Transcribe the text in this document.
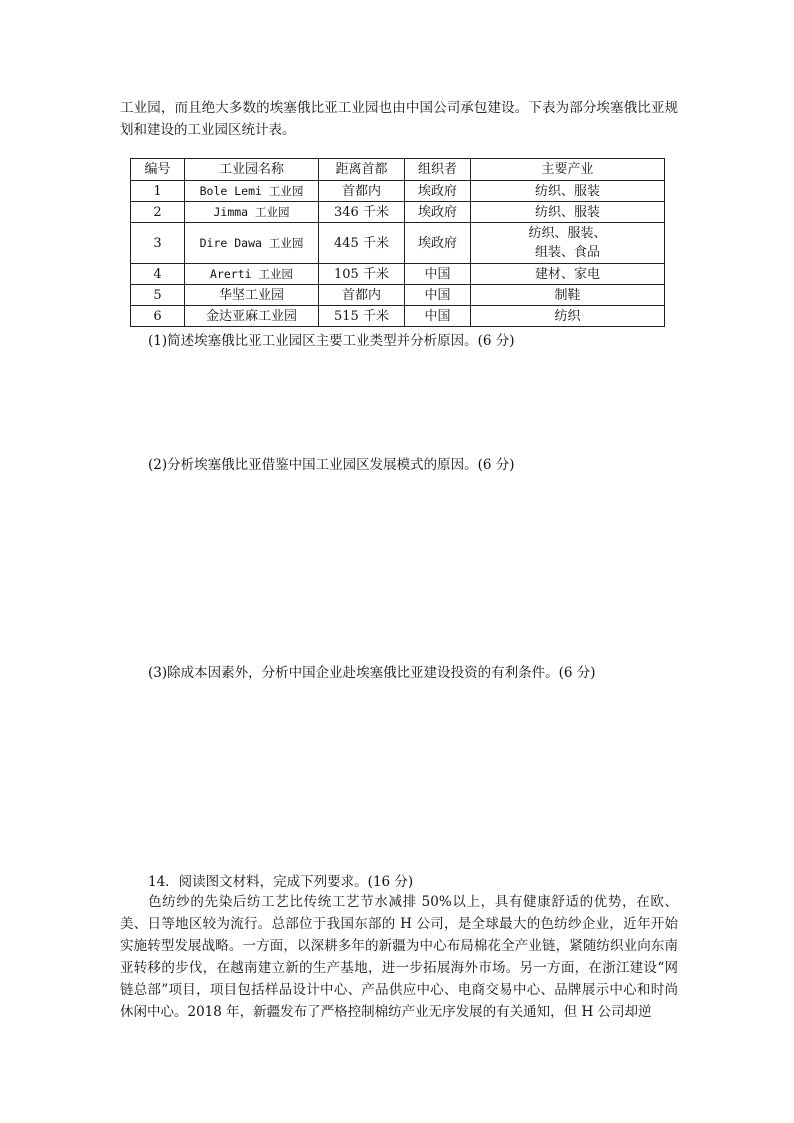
工业园，而且绝大多数的埃塞俄比亚工业园也由中国公司承包建设。下表为部分埃塞俄比亚规划和建设的工业园区统计表。

编号	工业园名称	距离首都	组织者	主要产业
1	Bole Lemi 工业园	首都内	埃政府	纺织、服装
2	Jimma 工业园	346 千米	埃政府	纺织、服装
3	Dire Dawa 工业园	445 千米	埃政府	纺织、服装、
组装、食品
4	Arerti 工业园	105 千米	中国	建材、家电
5	华坚工业园	首都内	中国	制鞋
6	金达亚麻工业园	515 千米	中国	纺织

(1)简述埃塞俄比亚工业园区主要工业类型并分析原因。(6 分)

(2)分析埃塞俄比亚借鉴中国工业园区发展模式的原因。(6 分)

(3)除成本因素外，分析中国企业赴埃塞俄比亚建设投资的有利条件。(6 分)

14．阅读图文材料，完成下列要求。(16 分)

色纺纱的先染后纺工艺比传统工艺节水减排 50%以上，具有健康舒适的优势，在欧、美、日等地区较为流行。总部位于我国东部的 H 公司，是全球最大的色纺纱企业，近年开始实施转型发展战略。一方面，以深耕多年的新疆为中心布局棉花全产业链，紧随纺织业向东南亚转移的步伐，在越南建立新的生产基地，进一步拓展海外市场。另一方面，在浙江建设“网链总部”项目，项目包括样品设计中心、产品供应中心、电商交易中心、品牌展示中心和时尚休闲中心。2018 年，新疆发布了严格控制棉纺产业无序发展的有关通知，但 H 公司却逆
